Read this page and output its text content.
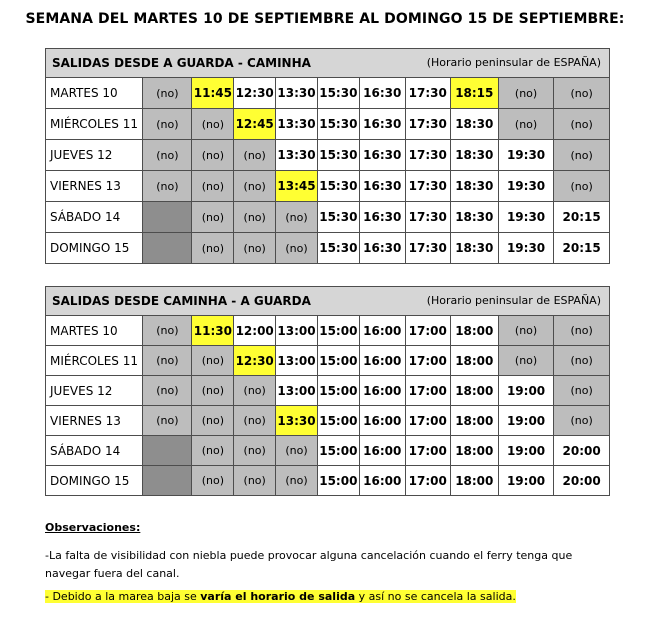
SEMANA DEL MARTES 10 DE SEPTIEMBRE AL DOMINGO 15 DE SEPTIEMBRE:
(Horario peninsular de ESPAÑA)
SALIDAS DESDE A GUARDA - CAMINHA										
MARTES 10	(no)	11:45	12:30	13:30	15:30	16:30	17:30	18:15	(no)	(no)
MIÉRCOLES 11	(no)	(no)	12:45	13:30	15:30	16:30	17:30	18:30	(no)	(no)
JUEVES 12	(no)	(no)	(no)	13:30	15:30	16:30	17:30	18:30	19:30	(no)
VIERNES 13	(no)	(no)	(no)	13:45	15:30	16:30	17:30	18:30	19:30	(no)
SÁBADO 14		(no)	(no)	(no)	15:30	16:30	17:30	18:30	19:30	20:15
DOMINGO 15		(no)	(no)	(no)	15:30	16:30	17:30	18:30	19:30	20:15
(Horario peninsular de ESPAÑA)
SALIDAS DESDE CAMINHA - A GUARDA										
MARTES 10	(no)	11:30	12:00	13:00	15:00	16:00	17:00	18:00	(no)	(no)
MIÉRCOLES 11	(no)	(no)	12:30	13:00	15:00	16:00	17:00	18:00	(no)	(no)
JUEVES 12	(no)	(no)	(no)	13:00	15:00	16:00	17:00	18:00	19:00	(no)
VIERNES 13	(no)	(no)	(no)	13:30	15:00	16:00	17:00	18:00	19:00	(no)
SÁBADO 14		(no)	(no)	(no)	15:00	16:00	17:00	18:00	19:00	20:00
DOMINGO 15		(no)	(no)	(no)	15:00	16:00	17:00	18:00	19:00	20:00
Observaciones:
-La falta de visibilidad con niebla puede provocar alguna cancelación cuando el ferry tenga que navegar fuera del canal.
- Debido a la marea baja se varía el horario de salida y así no se cancela la salida.
